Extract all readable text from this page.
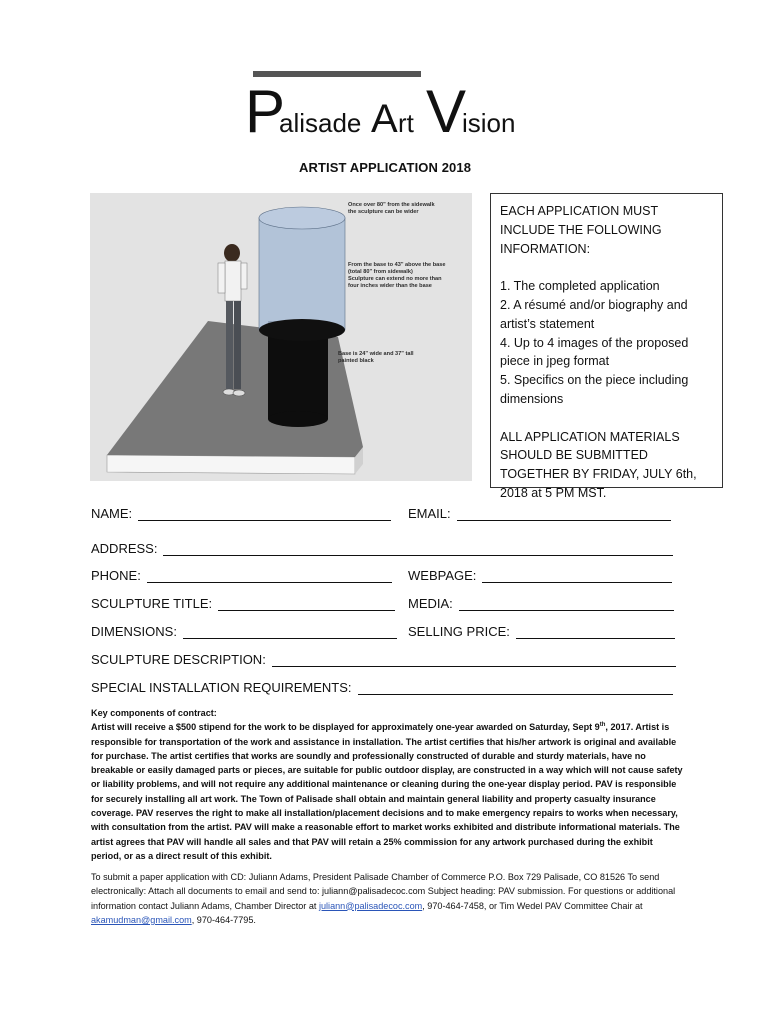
P
alisade A rt V
ision
ARTIST APPLICATION 2018
Once over 80" from the sidewalk the sculpture can be wider
From the base to 43" above the base (total 80" from sidewalk) Sculpture can extend no more than four inches wider than the base
Base is 24" wide and 37" tall painted black

EACH APPLICATION MUST INCLUDE THE FOLLOWING INFORMATION:

1. The completed application
2. A résumé and/or biography and artist’s statement
4. Up to 4 images of the proposed piece in jpeg format
5. Specifics on the piece including dimensions

ALL APPLICATION MATERIALS SHOULD BE SUBMITTED TOGETHER BY FRIDAY, JULY 6th, 2018 at 5 PM MST.

NAME:	EMAIL:
ADDRESS:
PHONE:	WEBPAGE:
SCULPTURE TITLE:	MEDIA:
DIMENSIONS:	SELLING PRICE:
SCULPTURE DESCRIPTION:
SPECIAL INSTALLATION REQUIREMENTS:

Key components of contract:

Artist will receive a $500 stipend for the work to be displayed for approximately one-year awarded on Saturday, Sept 9th, 2017. Artist is responsible for transportation of the work and assistance in installation. The artist certifies that his/her artwork is original and available for purchase. The artist certifies that works are soundly and professionally constructed of durable and sturdy materials, have no breakable or easily damaged parts or pieces, are suitable for public outdoor display, are constructed in a way which will not cause safety or liability problems, and will not require any additional maintenance or cleaning during the one-year display period. PAV is responsible for securely installing all art work. The Town of Palisade shall obtain and maintain general liability and property casualty insurance coverage. PAV reserves the right to make all installation/placement decisions and to make emergency repairs to works when necessary, with consultation from the artist. PAV will make a reasonable effort to market works exhibited and distribute informational materials. The artist agrees that PAV will handle all sales and that PAV will retain a 25% commission for any artwork purchased during the exhibit period, or as a direct result of this exhibit.

To submit a paper application with CD: Juliann Adams, President Palisade Chamber of Commerce P.O. Box 729 Palisade, CO 81526 To send electronically: Attach all documents to email and send to: juliann@palisadecoc.com Subject heading: PAV submission. For questions or additional information contact Juliann Adams, Chamber Director at juliann@palisadecoc.com, 970-464-7458, or Tim Wedel PAV Committee Chair at akamudman@gmail.com, 970-464-7795.
